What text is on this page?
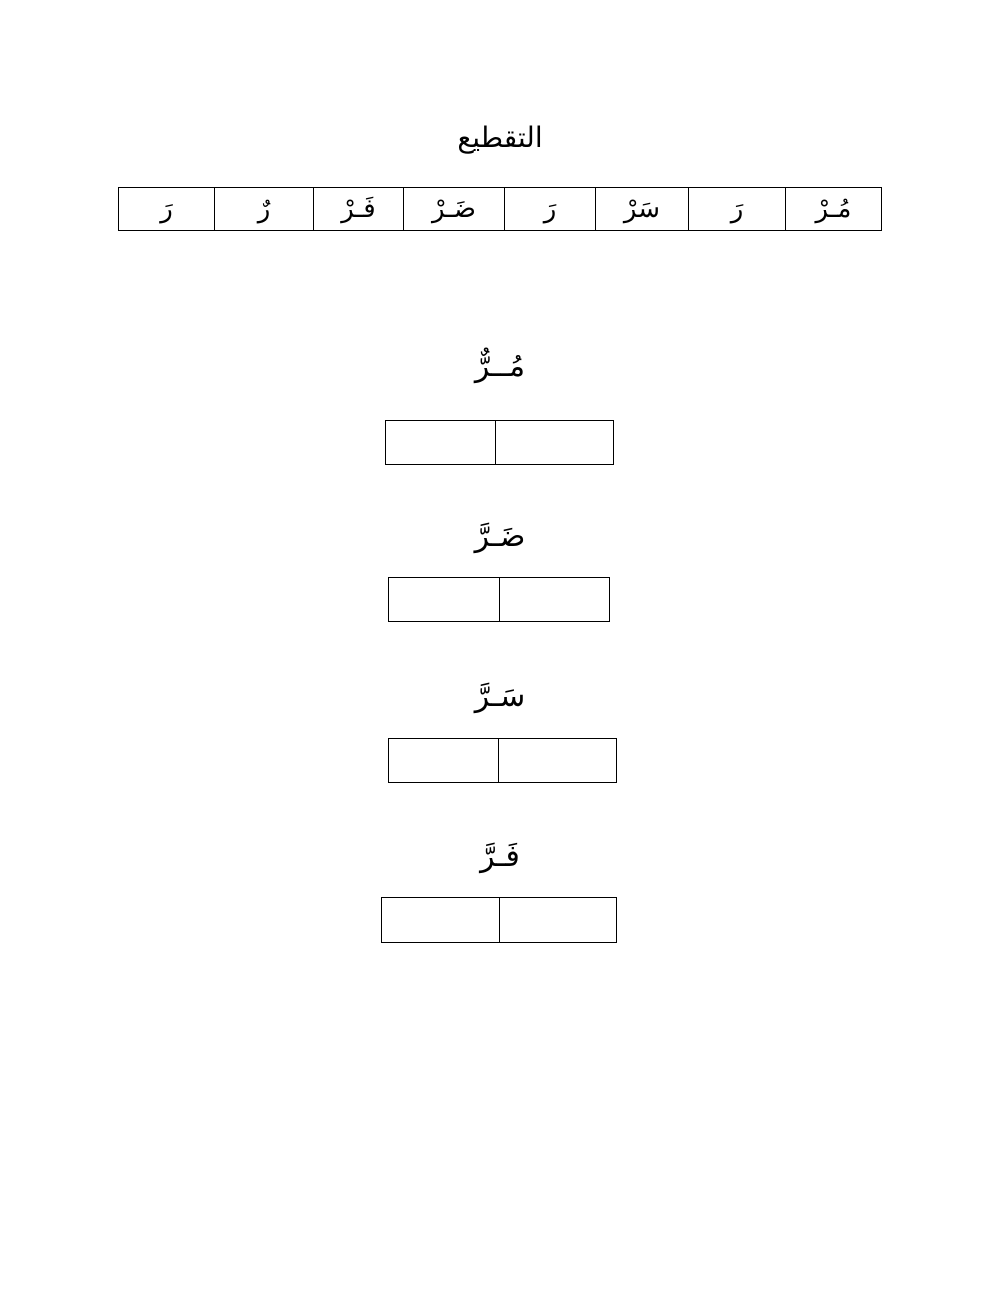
التقطيع
مُـرْ	رَ	سَرْ	رَ	ضَـرْ	فَـرْ	رٌ	رَ
مُــرٌّ

ضَـرَّ

سَـرَّ

فَـرَّ
